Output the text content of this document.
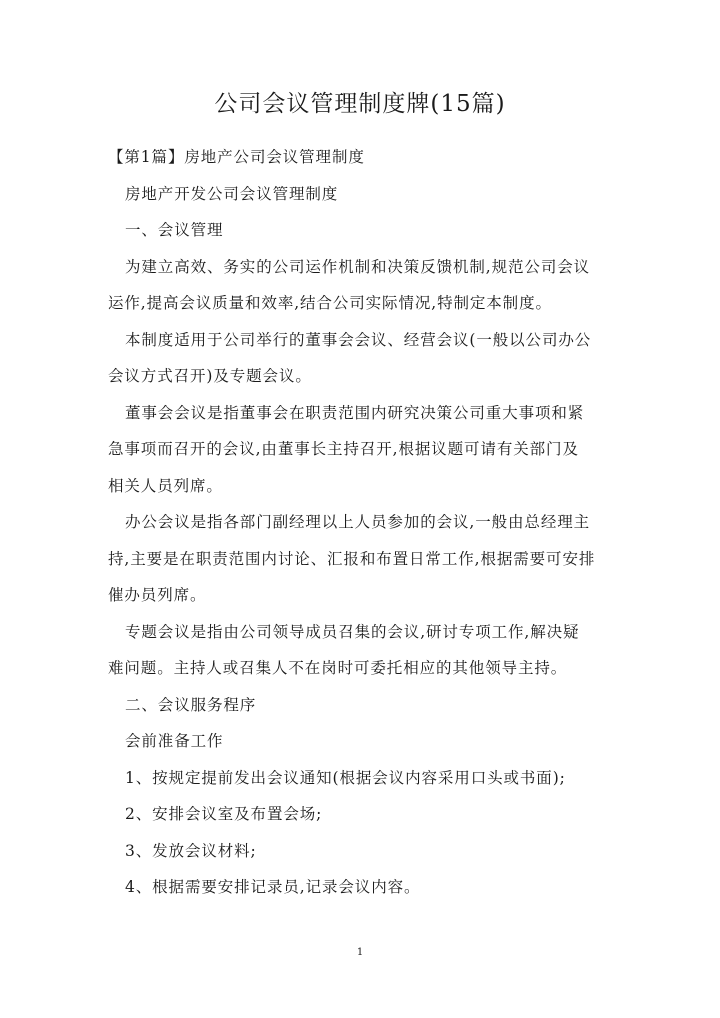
公司会议管理制度牌(15篇)

【第1篇】房地产公司会议管理制度

房地产开发公司会议管理制度

一、会议管理

为建立高效、务实的公司运作机制和决策反馈机制,规范公司会议

运作,提高会议质量和效率,结合公司实际情况,特制定本制度。

本制度适用于公司举行的董事会会议、经营会议(一般以公司办公

会议方式召开)及专题会议。

董事会会议是指董事会在职责范围内研究决策公司重大事项和紧

急事项而召开的会议,由董事长主持召开,根据议题可请有关部门及

相关人员列席。

办公会议是指各部门副经理以上人员参加的会议,一般由总经理主

持,主要是在职责范围内讨论、汇报和布置日常工作,根据需要可安排

催办员列席。

专题会议是指由公司领导成员召集的会议,研讨专项工作,解决疑

难问题。主持人或召集人不在岗时可委托相应的其他领导主持。

二、会议服务程序

会前准备工作

1、按规定提前发出会议通知(根据会议内容采用口头或书面);

2、安排会议室及布置会场;

3、发放会议材料;

4、根据需要安排记录员,记录会议内容。

1
